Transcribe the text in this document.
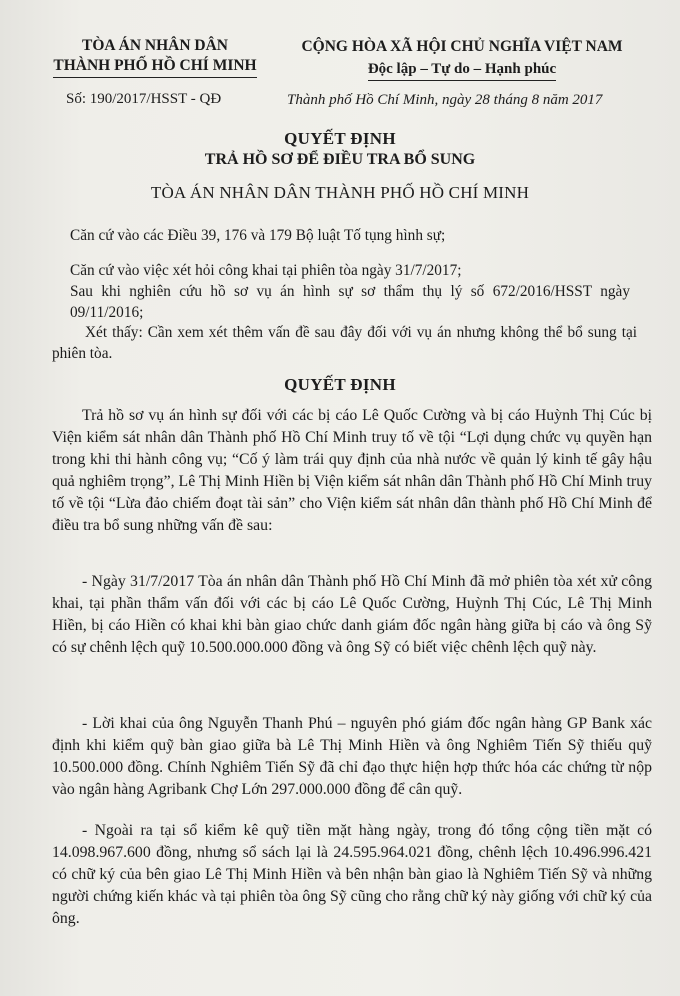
TÒA ÁN NHÂN DÂN
THÀNH PHỐ HỒ CHÍ MINH
CỘNG HÒA XÃ HỘI CHỦ NGHĨA VIỆT NAM
Độc lập – Tự do – Hạnh phúc
Số: 190/2017/HSST - QĐ	Thành phố Hồ Chí Minh, ngày 28 tháng 8 năm 2017
QUYẾT ĐỊNH
TRẢ HỒ SƠ ĐỂ ĐIỀU TRA BỔ SUNG
TÒA ÁN NHÂN DÂN THÀNH PHỐ HỒ CHÍ MINH

Căn cứ vào các Điều 39, 176 và 179 Bộ luật Tố tụng hình sự;

Căn cứ vào việc xét hỏi công khai tại phiên tòa ngày 31/7/2017;

Sau khi nghiên cứu hồ sơ vụ án hình sự sơ thẩm thụ lý số 672/2016/HSST ngày 09/11/2016;

Xét thấy: Cần xem xét thêm vấn đề sau đây đối với vụ án nhưng không thể bổ sung tại phiên tòa.

QUYẾT ĐỊNH

Trả hồ sơ vụ án hình sự đối với các bị cáo Lê Quốc Cường và bị cáo Huỳnh Thị Cúc bị Viện kiểm sát nhân dân Thành phố Hồ Chí Minh truy tố về tội “Lợi dụng chức vụ quyền hạn trong khi thi hành công vụ; “Cố ý làm trái quy định của nhà nước về quản lý kinh tế gây hậu quả nghiêm trọng”, Lê Thị Minh Hiền bị Viện kiểm sát nhân dân Thành phố Hồ Chí Minh truy tố về tội “Lừa đảo chiếm đoạt tài sản” cho Viện kiểm sát nhân dân thành phố Hồ Chí Minh để điều tra bổ sung những vấn đề sau:

- Ngày 31/7/2017 Tòa án nhân dân Thành phố Hồ Chí Minh đã mở phiên tòa xét xử công khai, tại phần thẩm vấn đối với các bị cáo Lê Quốc Cường, Huỳnh Thị Cúc, Lê Thị Minh Hiền, bị cáo Hiền có khai khi bàn giao chức danh giám đốc ngân hàng giữa bị cáo và ông Sỹ có sự chênh lệch quỹ 10.500.000.000 đồng và ông Sỹ có biết việc chênh lệch quỹ này.

- Lời khai của ông Nguyễn Thanh Phú – nguyên phó giám đốc ngân hàng GP Bank xác định khi kiểm quỹ bàn giao giữa bà Lê Thị Minh Hiền và ông Nghiêm Tiến Sỹ thiếu quỹ 10.500.000 đồng. Chính Nghiêm Tiến Sỹ đã chỉ đạo thực hiện hợp thức hóa các chứng từ nộp vào ngân hàng Agribank Chợ Lớn 297.000.000 đồng để cân quỹ.

- Ngoài ra tại sổ kiểm kê quỹ tiền mặt hàng ngày, trong đó tổng cộng tiền mặt có 14.098.967.600 đồng, nhưng sổ sách lại là 24.595.964.021 đồng, chênh lệch 10.496.996.421 có chữ ký của bên giao Lê Thị Minh Hiền và bên nhận bàn giao là Nghiêm Tiến Sỹ và những người chứng kiến khác và tại phiên tòa ông Sỹ cũng cho rằng chữ ký này giống với chữ ký của ông.
